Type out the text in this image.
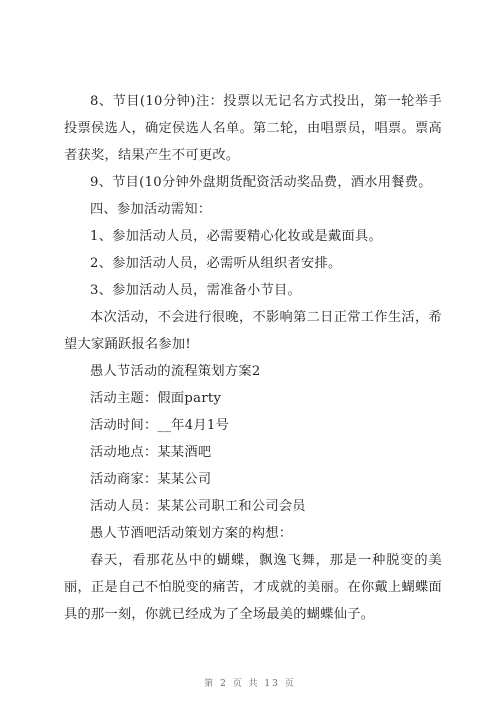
8、节目(10分钟)注：投票以无记名方式投出，第一轮举手投票侯选人，确定侯选人名单。第二轮，由唱票员，唱票。票高者获奖，结果产生不可更改。

9、节目(10分钟外盘期货配资活动奖品费，酒水用餐费。

四、参加活动需知：

1、参加活动人员，必需要精心化妆或是戴面具。

2、参加活动人员，必需听从组织者安排。

3、参加活动人员，需准备小节目。

本次活动，不会进行很晚，不影响第二日正常工作生活，希望大家踊跃报名参加!

愚人节活动的流程策划方案2

活动主题：假面party

活动时间：__年4月1号

活动地点：某某酒吧

活动商家：某某公司

活动人员：某某公司职工和公司会员

愚人节酒吧活动策划方案的构想：

春天，看那花丛中的蝴蝶，飘逸飞舞，那是一种脱变的美丽，正是自己不怕脱变的痛苦，才成就的美丽。在你戴上蝴蝶面具的那一刻，你就已经成为了全场最美的蝴蝶仙子。

第 2 页 共 13 页
